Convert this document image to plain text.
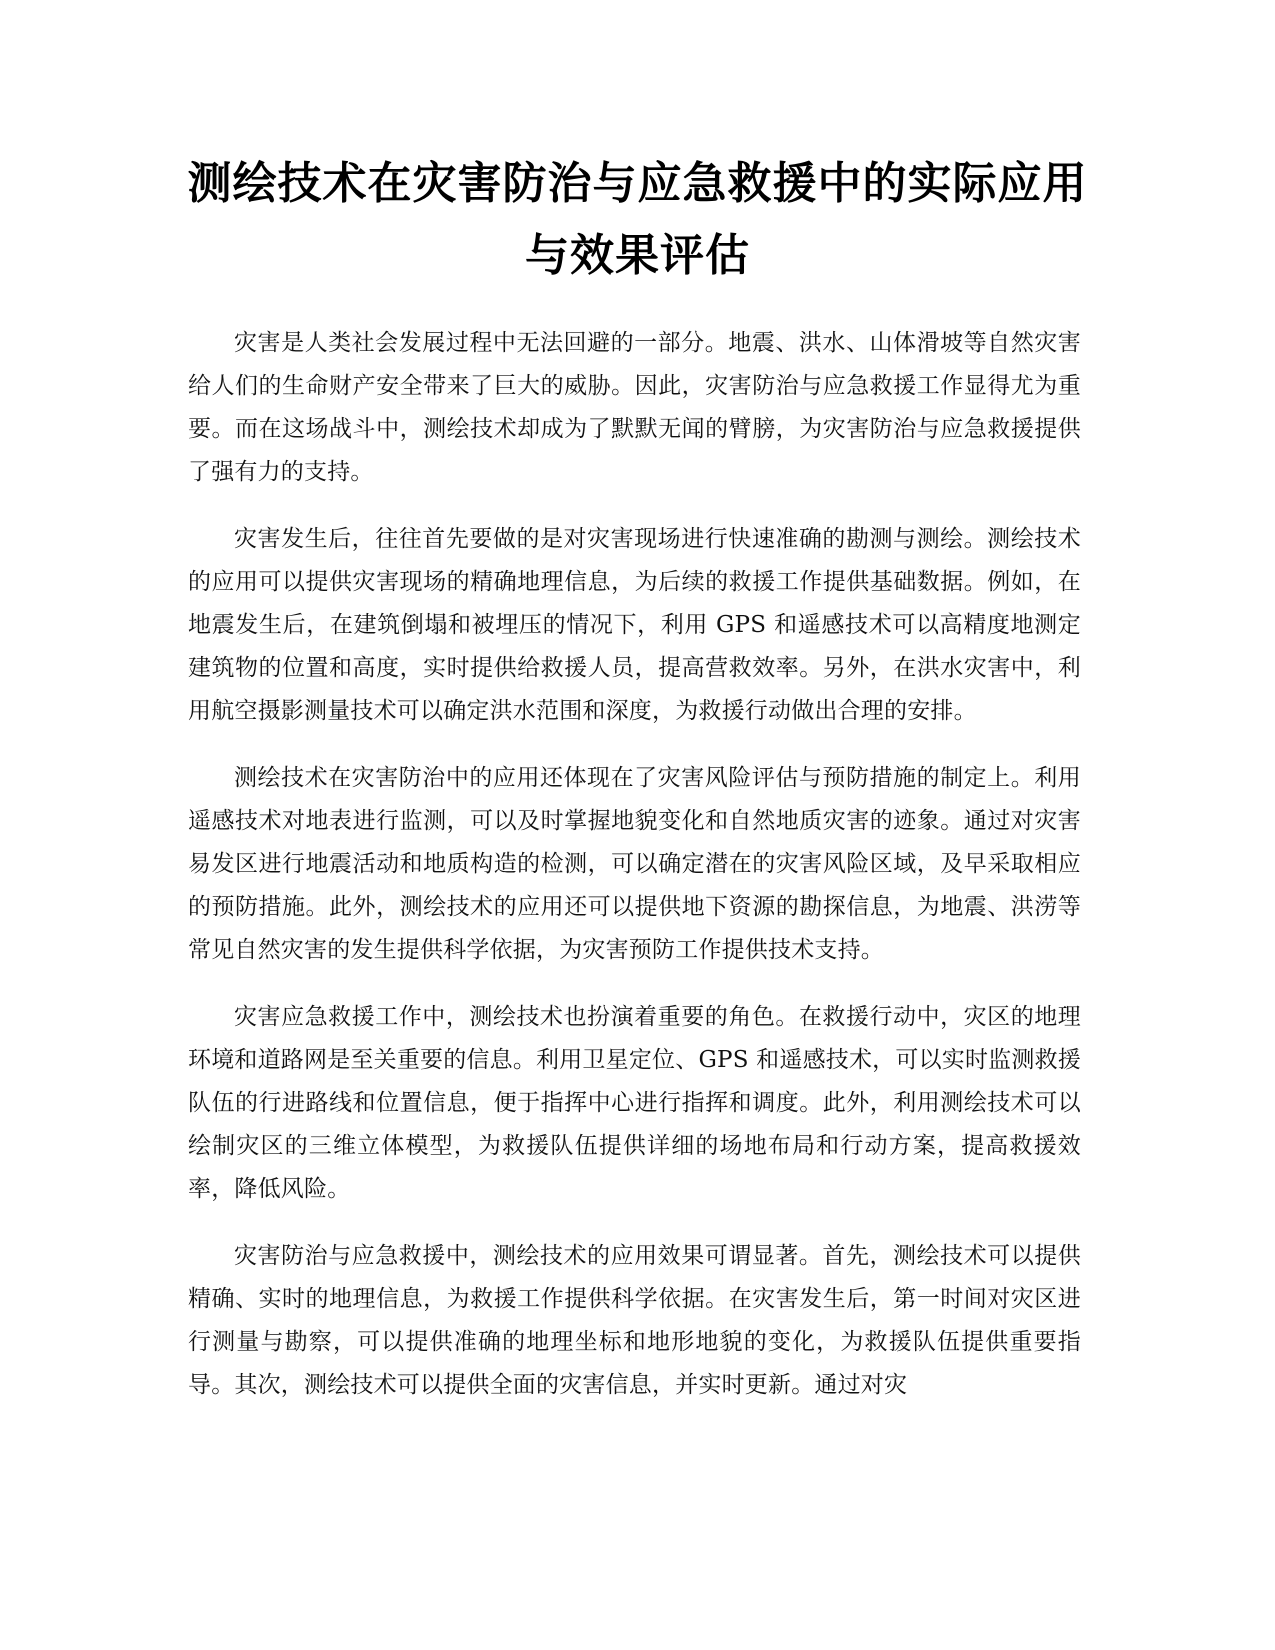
测绘技术在灾害防治与应急救援中的实际应用与效果评估

灾害是人类社会发展过程中无法回避的一部分。地震、洪水、山体滑坡等自然灾害给人们的生命财产安全带来了巨大的威胁。因此，灾害防治与应急救援工作显得尤为重要。而在这场战斗中，测绘技术却成为了默默无闻的臂膀，为灾害防治与应急救援提供了强有力的支持。

灾害发生后，往往首先要做的是对灾害现场进行快速准确的勘测与测绘。测绘技术的应用可以提供灾害现场的精确地理信息，为后续的救援工作提供基础数据。例如，在地震发生后，在建筑倒塌和被埋压的情况下，利用 GPS 和遥感技术可以高精度地测定建筑物的位置和高度，实时提供给救援人员，提高营救效率。另外，在洪水灾害中，利用航空摄影测量技术可以确定洪水范围和深度，为救援行动做出合理的安排。

测绘技术在灾害防治中的应用还体现在了灾害风险评估与预防措施的制定上。利用遥感技术对地表进行监测，可以及时掌握地貌变化和自然地质灾害的迹象。通过对灾害易发区进行地震活动和地质构造的检测，可以确定潜在的灾害风险区域，及早采取相应的预防措施。此外，测绘技术的应用还可以提供地下资源的勘探信息，为地震、洪涝等常见自然灾害的发生提供科学依据，为灾害预防工作提供技术支持。

灾害应急救援工作中，测绘技术也扮演着重要的角色。在救援行动中，灾区的地理环境和道路网是至关重要的信息。利用卫星定位、GPS 和遥感技术，可以实时监测救援队伍的行进路线和位置信息，便于指挥中心进行指挥和调度。此外，利用测绘技术可以绘制灾区的三维立体模型，为救援队伍提供详细的场地布局和行动方案，提高救援效率，降低风险。

灾害防治与应急救援中，测绘技术的应用效果可谓显著。首先，测绘技术可以提供精确、实时的地理信息，为救援工作提供科学依据。在灾害发生后，第一时间对灾区进行测量与勘察，可以提供准确的地理坐标和地形地貌的变化，为救援队伍提供重要指导。其次，测绘技术可以提供全面的灾害信息，并实时更新。通过对灾
